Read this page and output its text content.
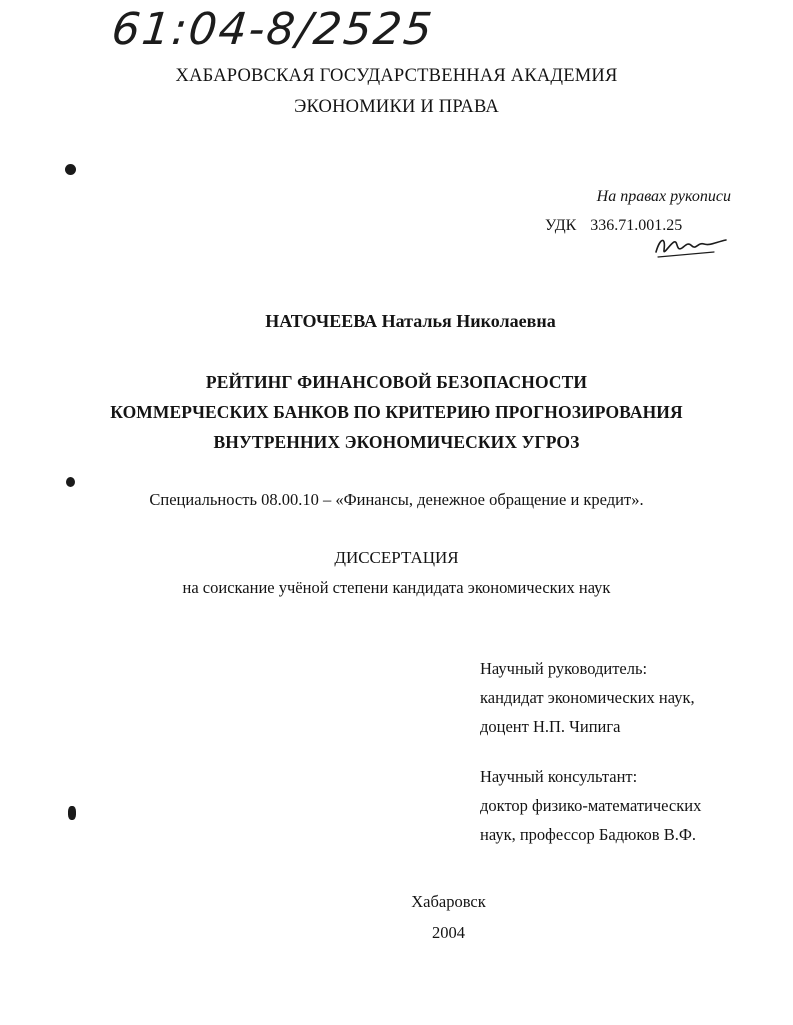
61:04-8/2525
ХАБАРОВСКАЯ ГОСУДАРСТВЕННАЯ АКАДЕМИЯ
ЭКОНОМИКИ И ПРАВА
На правах рукописи
УДК 336.71.001.25
НАТОЧЕЕВА Наталья Николаевна
РЕЙТИНГ ФИНАНСОВОЙ БЕЗОПАСНОСТИ
КОММЕРЧЕСКИХ БАНКОВ ПО КРИТЕРИЮ ПРОГНОЗИРОВАНИЯ
ВНУТРЕННИХ ЭКОНОМИЧЕСКИХ УГРОЗ
Специальность 08.00.10 – «Финансы, денежное обращение и кредит».
ДИССЕРТАЦИЯ
на соискание учёной степени кандидата экономических наук
Научный руководитель:
кандидат экономических наук,
доцент Н.П. Чипига
Научный консультант:
доктор физико-математических
наук, профессор Бадюков В.Ф.
Хабаровск
2004
